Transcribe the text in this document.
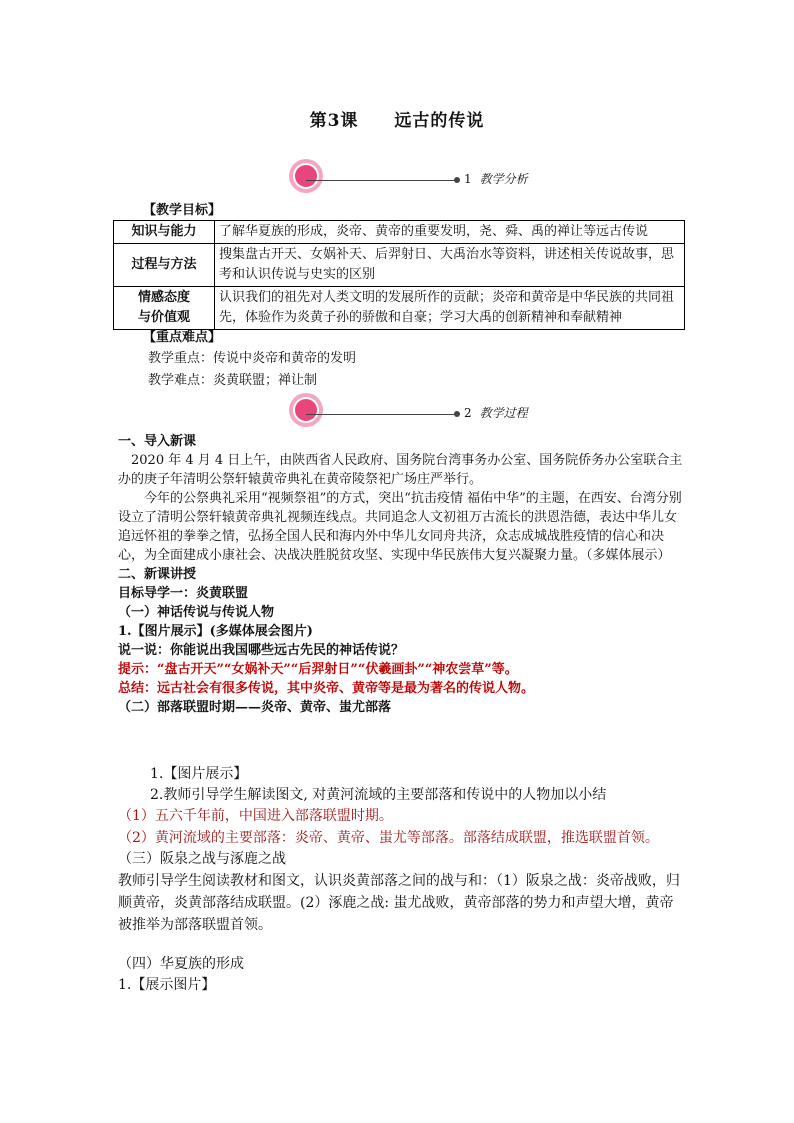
第3课 远古的传说
1 教学分析
【教学目标】
知识与能力	了解华夏族的形成，炎帝、黄帝的重要发明，尧、舜、禹的禅让等远古传说
过程与方法	搜集盘古开天、女娲补天、后羿射日、大禹治水等资料，讲述相关传说故事，思考和认识传说与史实的区别
情感态度
与价值观	认识我们的祖先对人类文明的发展所作的贡献；炎帝和黄帝是中华民族的共同祖先，体验作为炎黄子孙的骄傲和自豪；学习大禹的创新精神和奉献精神
【重点难点】
教学重点：传说中炎帝和黄帝的发明
教学难点：炎黄联盟；禅让制
2 教学过程
一、导入新课
2020 年 4 月 4 日上午，由陕西省人民政府、国务院台湾事务办公室、国务院侨务办公室联合主办的庚子年清明公祭轩辕黄帝典礼在黄帝陵祭祀广场庄严举行。
今年的公祭典礼采用“视频祭祖”的方式，突出“抗击疫情 福佑中华”的主题，在西安、台湾分别设立了清明公祭轩辕黄帝典礼视频连线点。共同追念人文初祖万古流长的洪恩浩德，表达中华儿女追远怀祖的拳拳之情，弘扬全国人民和海内外中华儿女同舟共济，众志成城战胜疫情的信心和决心，为全面建成小康社会、决战决胜脱贫攻坚、实现中华民族伟大复兴凝聚力量。（多媒体展示）
二、新课讲授
目标导学一：炎黄联盟
（一）神话传说与传说人物
1.【图片展示】(多媒体展会图片)
说一说：你能说出我国哪些远古先民的神话传说？
提示：“盘古开天”“女娲补天”“后羿射日”“伏羲画卦”“神农尝草”等。
总结：远古社会有很多传说，其中炎帝、黄帝等是最为著名的传说人物。
（二）部落联盟时期——炎帝、黄帝、蚩尤部落
1.【图片展示】
2.教师引导学生解读图文, 对黄河流域的主要部落和传说中的人物加以小结
（1）五六千年前，中国进入部落联盟时期。
（2）黄河流域的主要部落：炎帝、黄帝、蚩尤等部落。部落结成联盟，推选联盟首领。
（三）阪泉之战与涿鹿之战
教师引导学生阅读教材和图文，认识炎黄部落之间的战与和：（1）阪泉之战：炎帝战败，归顺黄帝，炎黄部落结成联盟。(2）涿鹿之战: 蚩尤战败，黄帝部落的势力和声望大增，黄帝被推举为部落联盟首领。
（四）华夏族的形成
1.【展示图片】
